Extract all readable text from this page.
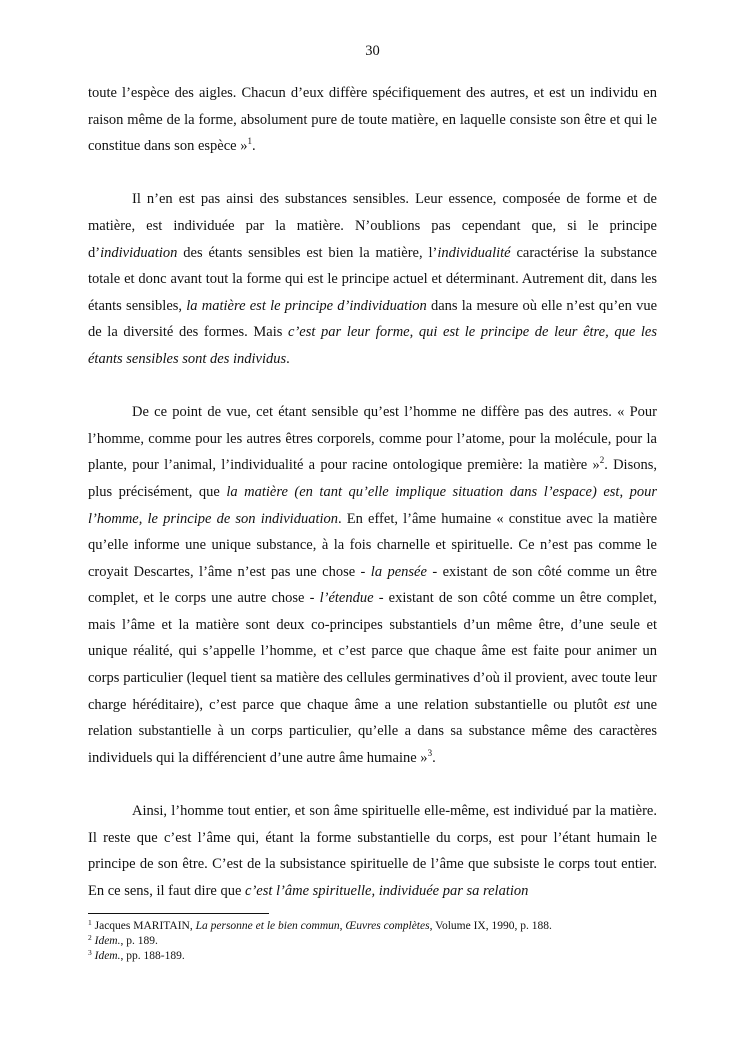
30

toute l’espèce des aigles. Chacun d’eux diffère spécifiquement des autres, et est un individu en raison même de la forme, absolument pure de toute matière, en laquelle consiste son être et qui le constitue dans son espèce »$^1$.

Il n’en est pas ainsi des substances sensibles. Leur essence, composée de forme et de matière, est individuée par la matière. N’oublions pas cependant que, si le principe d’individuation des étants sensibles est bien la matière, l’individualité caractérise la substance totale et donc avant tout la forme qui est le principe actuel et déterminant. Autrement dit, dans les étants sensibles, la matière est le principe d’individuation dans la mesure où elle n’est qu’en vue de la diversité des formes. Mais c’est par leur forme, qui est le principe de leur être, que les étants sensibles sont des individus.

De ce point de vue, cet étant sensible qu’est l’homme ne diffère pas des autres. « Pour l’homme, comme pour les autres êtres corporels, comme pour l’atome, pour la molécule, pour la plante, pour l’animal, l’individualité a pour racine ontologique première: la matière »$^2$. Disons, plus précisément, que la matière (en tant qu’elle implique situation dans l’espace) est, pour l’homme, le principe de son individuation. En effet, l’âme humaine « constitue avec la matière qu’elle informe une unique substance, à la fois charnelle et spirituelle. Ce n’est pas comme le croyait Descartes, l’âme n’est pas une chose - la pensée - existant de son côté comme un être complet, et le corps une autre chose - l’étendue - existant de son côté comme un être complet, mais l’âme et la matière sont deux co-principes substantiels d’un même être, d’une seule et unique réalité, qui s’appelle l’homme, et c’est parce que chaque âme est faite pour animer un corps particulier (lequel tient sa matière des cellules germinatives d’où il provient, avec toute leur charge héréditaire), c’est parce que chaque âme a une relation substantielle ou plutôt est une relation substantielle à un corps particulier, qu’elle a dans sa substance même des caractères individuels qui la différencient d’une autre âme humaine »$^3$.

Ainsi, l’homme tout entier, et son âme spirituelle elle-même, est individué par la matière. Il reste que c’est l’âme qui, étant la forme substantielle du corps, est pour l’étant humain le principe de son être. C’est de la subsistance spirituelle de l’âme que subsiste le corps tout entier. En ce sens, il faut dire que c’est l’âme spirituelle, individuée par sa relation

$^1$ Jacques MARITAIN, La personne et le bien commun, Œuvres complètes, Volume IX, 1990, p. 188.
$^2$ Idem., p. 189.
$^3$ Idem., pp. 188-189.
